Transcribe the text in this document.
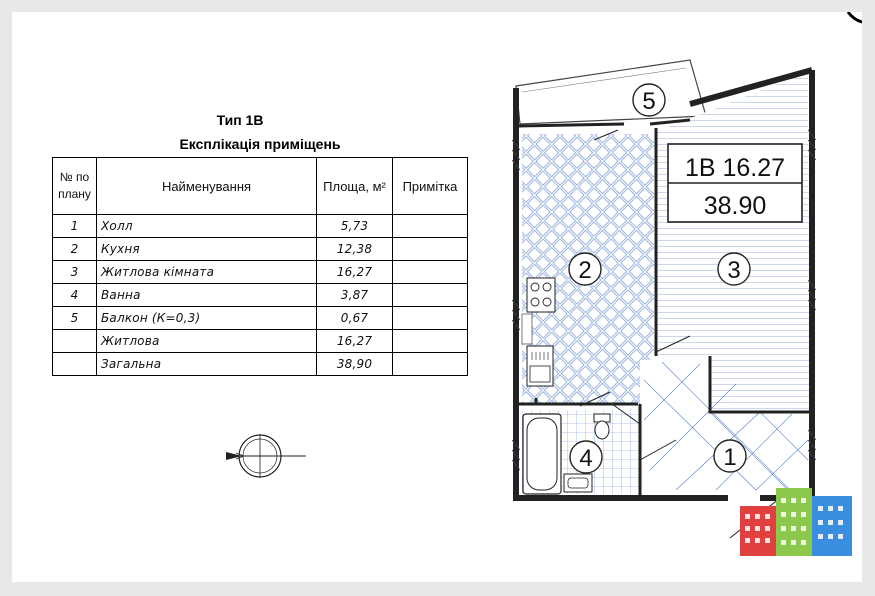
Тип 1В
Експлікація приміщень
№ по плану	Найменування	Площа, м²	Примітка
1	Холл	5,73	
2	Кухня	12,38	
3	Житлова кімната	16,27	
4	Ванна	3,87	
5	Балкон (К=0,3)	0,67	
	Житлова	16,27	
	Загальна	38,90	
1В 16.27
38.90
5
2	3
4	1
